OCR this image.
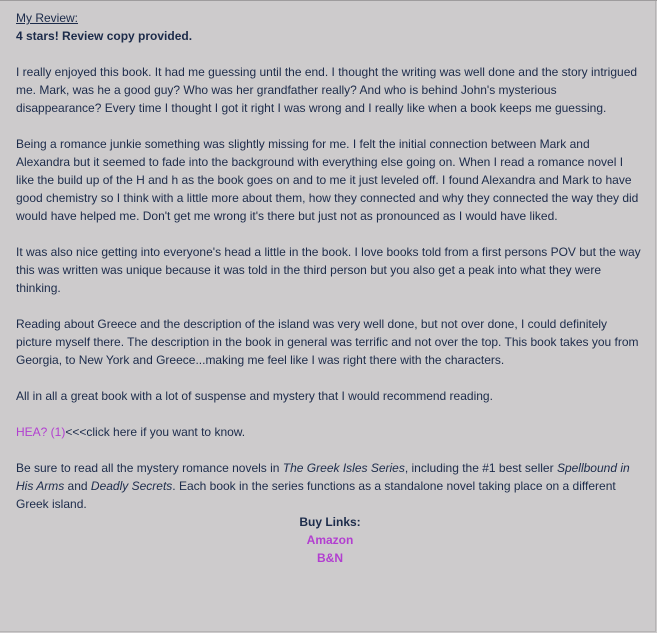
My Review:
4 stars! Review copy provided.

I really enjoyed this book. It had me guessing until the end. I thought the writing was well done and the story intrigued me. Mark, was he a good guy? Who was her grandfather really? And who is behind John's mysterious disappearance? Every time I thought I got it right I was wrong and I really like when a book keeps me guessing.

Being a romance junkie something was slightly missing for me. I felt the initial connection between Mark and Alexandra but it seemed to fade into the background with everything else going on. When I read a romance novel I like the build up of the H and h as the book goes on and to me it just leveled off. I found Alexandra and Mark to have good chemistry so I think with a little more about them, how they connected and why they connected the way they did would have helped me. Don't get me wrong it's there but just not as pronounced as I would have liked.

It was also nice getting into everyone's head a little in the book. I love books told from a first persons POV but the way this was written was unique because it was told in the third person but you also get a peak into what they were thinking.

Reading about Greece and the description of the island was very well done, but not over done, I could definitely picture myself there. The description in the book in general was terrific and not over the top. This book takes you from Georgia, to New York and Greece...making me feel like I was right there with the characters.

All in all a great book with a lot of suspense and mystery that I would recommend reading.

HEA? (1)<<<click here if you want to know.

Be sure to read all the mystery romance novels in The Greek Isles Series, including the #1 best seller Spellbound in His Arms and Deadly Secrets. Each book in the series functions as a standalone novel taking place on a different Greek island.

Buy Links:
Amazon
B&N
